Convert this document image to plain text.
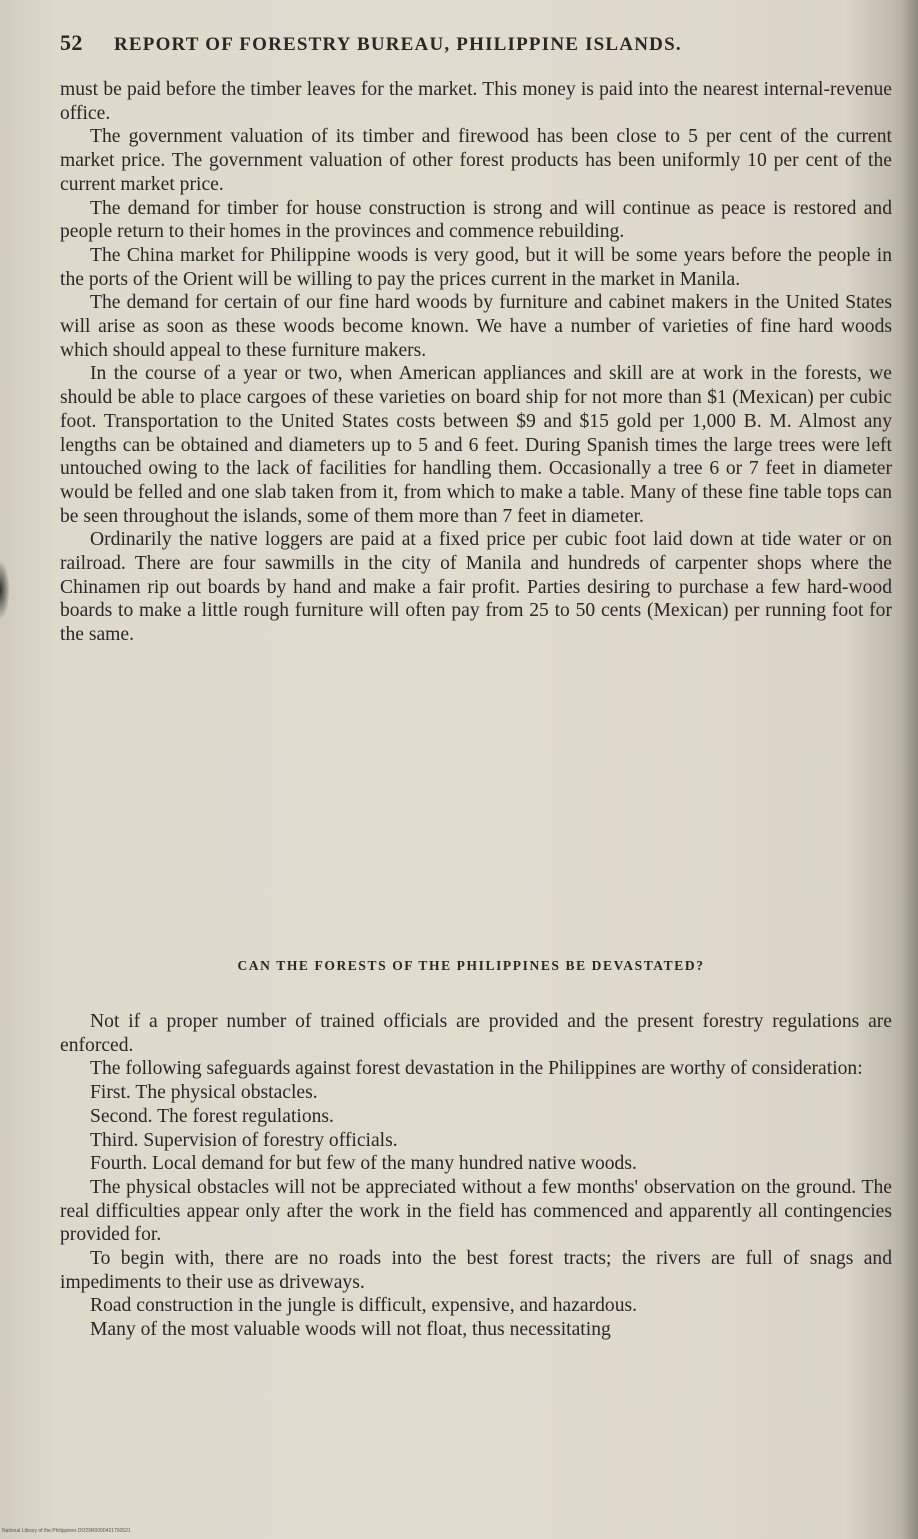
52 REPORT OF FORESTRY BUREAU, PHILIPPINE ISLANDS.

must be paid before the timber leaves for the market. This money is paid into the nearest internal-revenue office.

The government valuation of its timber and firewood has been close to 5 per cent of the current market price. The government valuation of other forest products has been uniformly 10 per cent of the current market price.

The demand for timber for house construction is strong and will continue as peace is restored and people return to their homes in the provinces and commence rebuilding.

The China market for Philippine woods is very good, but it will be some years before the people in the ports of the Orient will be willing to pay the prices current in the market in Manila.

The demand for certain of our fine hard woods by furniture and cabinet makers in the United States will arise as soon as these woods become known. We have a number of varieties of fine hard woods which should appeal to these furniture makers.

In the course of a year or two, when American appliances and skill are at work in the forests, we should be able to place cargoes of these varieties on board ship for not more than $1 (Mexican) per cubic foot. Transportation to the United States costs between $9 and $15 gold per 1,000 B. M. Almost any lengths can be obtained and diameters up to 5 and 6 feet. During Spanish times the large trees were left untouched owing to the lack of facilities for handling them. Occasionally a tree 6 or 7 feet in diameter would be felled and one slab taken from it, from which to make a table. Many of these fine table tops can be seen throughout the islands, some of them more than 7 feet in diameter.

Ordinarily the native loggers are paid at a fixed price per cubic foot laid down at tide water or on railroad. There are four sawmills in the city of Manila and hundreds of carpenter shops where the Chinamen rip out boards by hand and make a fair profit. Parties desiring to purchase a few hard-wood boards to make a little rough furniture will often pay from 25 to 50 cents (Mexican) per running foot for the same.

CAN THE FORESTS OF THE PHILIPPINES BE DEVASTATED?

Not if a proper number of trained officials are provided and the present forestry regulations are enforced.

The following safeguards against forest devastation in the Philippines are worthy of consideration:

First. The physical obstacles.

Second. The forest regulations.

Third. Supervision of forestry officials.

Fourth. Local demand for but few of the many hundred native woods.

The physical obstacles will not be appreciated without a few months' observation on the ground. The real difficulties appear only after the work in the field has commenced and apparently all contingencies provided for.

To begin with, there are no roads into the best forest tracts; the rivers are full of snags and impediments to their use as driveways.

Road construction in the jungle is difficult, expensive, and hazardous.

Many of the most valuable woods will not float, thus necessitating

National Library of the Philippines DO29R0000421700521
